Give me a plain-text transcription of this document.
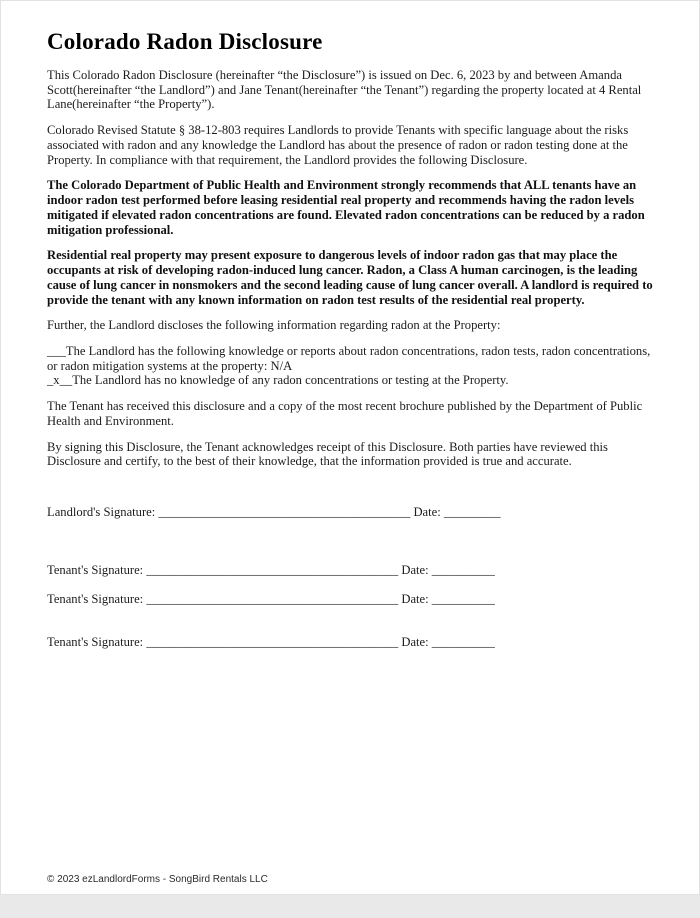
Colorado Radon Disclosure

This Colorado Radon Disclosure (hereinafter “the Disclosure”) is issued on Dec. 6, 2023 by and between Amanda Scott(hereinafter “the Landlord”) and Jane Tenant(hereinafter “the Tenant”) regarding the property located at 4 Rental Lane(hereinafter “the Property”).

Colorado Revised Statute § 38-12-803 requires Landlords to provide Tenants with specific language about the risks associated with radon and any knowledge the Landlord has about the presence of radon or radon testing done at the Property. In compliance with that requirement, the Landlord provides the following Disclosure.

The Colorado Department of Public Health and Environment strongly recommends that ALL tenants have an indoor radon test performed before leasing residential real property and recommends having the radon levels mitigated if elevated radon concentrations are found. Elevated radon concentrations can be reduced by a radon mitigation professional.

Residential real property may present exposure to dangerous levels of indoor radon gas that may place the occupants at risk of developing radon-induced lung cancer. Radon, a Class A human carcinogen, is the leading cause of lung cancer in nonsmokers and the second leading cause of lung cancer overall. A landlord is required to provide the tenant with any known information on radon test results of the residential real property.

Further, the Landlord discloses the following information regarding radon at the Property:

___The Landlord has the following knowledge or reports about radon concentrations, radon tests, radon concentrations, or radon mitigation systems at the property: N/A

_x__The Landlord has no knowledge of any radon concentrations or testing at the Property.

The Tenant has received this disclosure and a copy of the most recent brochure published by the Department of Public Health and Environment.

By signing this Disclosure, the Tenant acknowledges receipt of this Disclosure. Both parties have reviewed this Disclosure and certify, to the best of their knowledge, that the information provided is true and accurate.

Landlord's Signature: ________________________________________ Date: _________
Tenant's Signature: ________________________________________ Date: __________
Tenant's Signature: ________________________________________ Date: __________
Tenant's Signature: ________________________________________ Date: __________
© 2023 ezLandlordForms - SongBird Rentals LLC
